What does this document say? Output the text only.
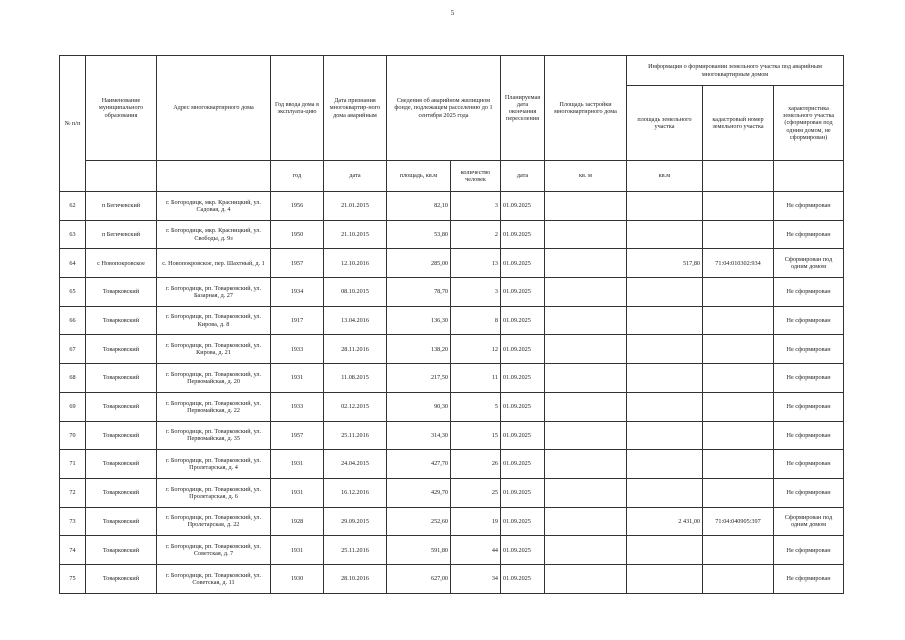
5
№ п/п	Наименование муниципального образования	Адрес многоквартирного дома	Год ввода дома в эксплуата-цию	Дата признания многоквартир-ного дома аварийным	Сведения об аварийном жилищном фонде, подлежащем расселению до 1 сентября 2025 года		Планируемая дата окончания переселения	Площадь застройки многоквартирного дома	Информация о формировании земельного участка под аварийным многоквартирным домом		
									площадь земельного участка	кадастровый номер земельного участка	характеристика земельного участка (сформирован под одним домом, не сформирован)
			год	дата	площадь, кв.м	количество человек	дата	кв. м	кв.м		
62	п Бегичевский	г. Богородицк, мкр. Красницкий, ул. Садовая, д. 4	1956	21.01.2015	82,10	3	01.09.2025				Не сформирован
63	п Бегичевский	г. Богородицк, мкр. Красницкий, ул. Свободы, д. 9з	1950	21.10.2015	53,80	2	01.09.2025				Не сформирован
64	с Новопокровское	с. Новопокровское, пер. Шахтный, д. 1	1957	12.10.2016	285,00	13	01.09.2025		517,80	71:04:010302:934	Сформирован под одним домом
65	Товарковский	г. Богородицк, рп. Товарковский, ул. Базарная, д. 27	1934	08.10.2015	78,70	3	01.09.2025				Не сформирован
66	Товарковский	г. Богородицк, рп. Товарковский, ул. Кирова, д. 8	1917	13.04.2016	136,30	8	01.09.2025				Не сформирован
67	Товарковский	г. Богородицк, рп. Товарковский, ул. Кирова, д. 21	1933	28.11.2016	138,20	12	01.09.2025				Не сформирован
68	Товарковский	г. Богородицк, рп. Товарковский, ул. Первомайская, д. 20	1931	11.08.2015	217,50	11	01.09.2025				Не сформирован
69	Товарковский	г. Богородицк, рп. Товарковский, ул. Первомайская, д. 22	1933	02.12.2015	90,30	5	01.09.2025				Не сформирован
70	Товарковский	г. Богородицк, рп. Товарковский, ул. Первомайская, д. 35	1957	25.11.2016	314,30	15	01.09.2025				Не сформирован
71	Товарковский	г. Богородицк, рп. Товарковский, ул. Пролетарская, д. 4	1931	24.04.2015	427,70	26	01.09.2025				Не сформирован
72	Товарковский	г. Богородицк, рп. Товарковский, ул. Пролетарская, д. 6	1931	16.12.2016	429,70	25	01.09.2025				Не сформирован
73	Товарковский	г. Богородицк, рп. Товарковский, ул. Пролетарская, д. 22	1928	29.09.2015	252,60	19	01.09.2025		2 431,00	71:04:040905:397	Сформирован под одним домом
74	Товарковский	г. Богородицк, рп. Товарковский, ул. Советская, д. 7	1931	25.11.2016	591,80	44	01.09.2025				Не сформирован
75	Товарковский	г. Богородицк, рп. Товарковский, ул. Советская, д. 11	1930	28.10.2016	627,00	34	01.09.2025				Не сформирован
